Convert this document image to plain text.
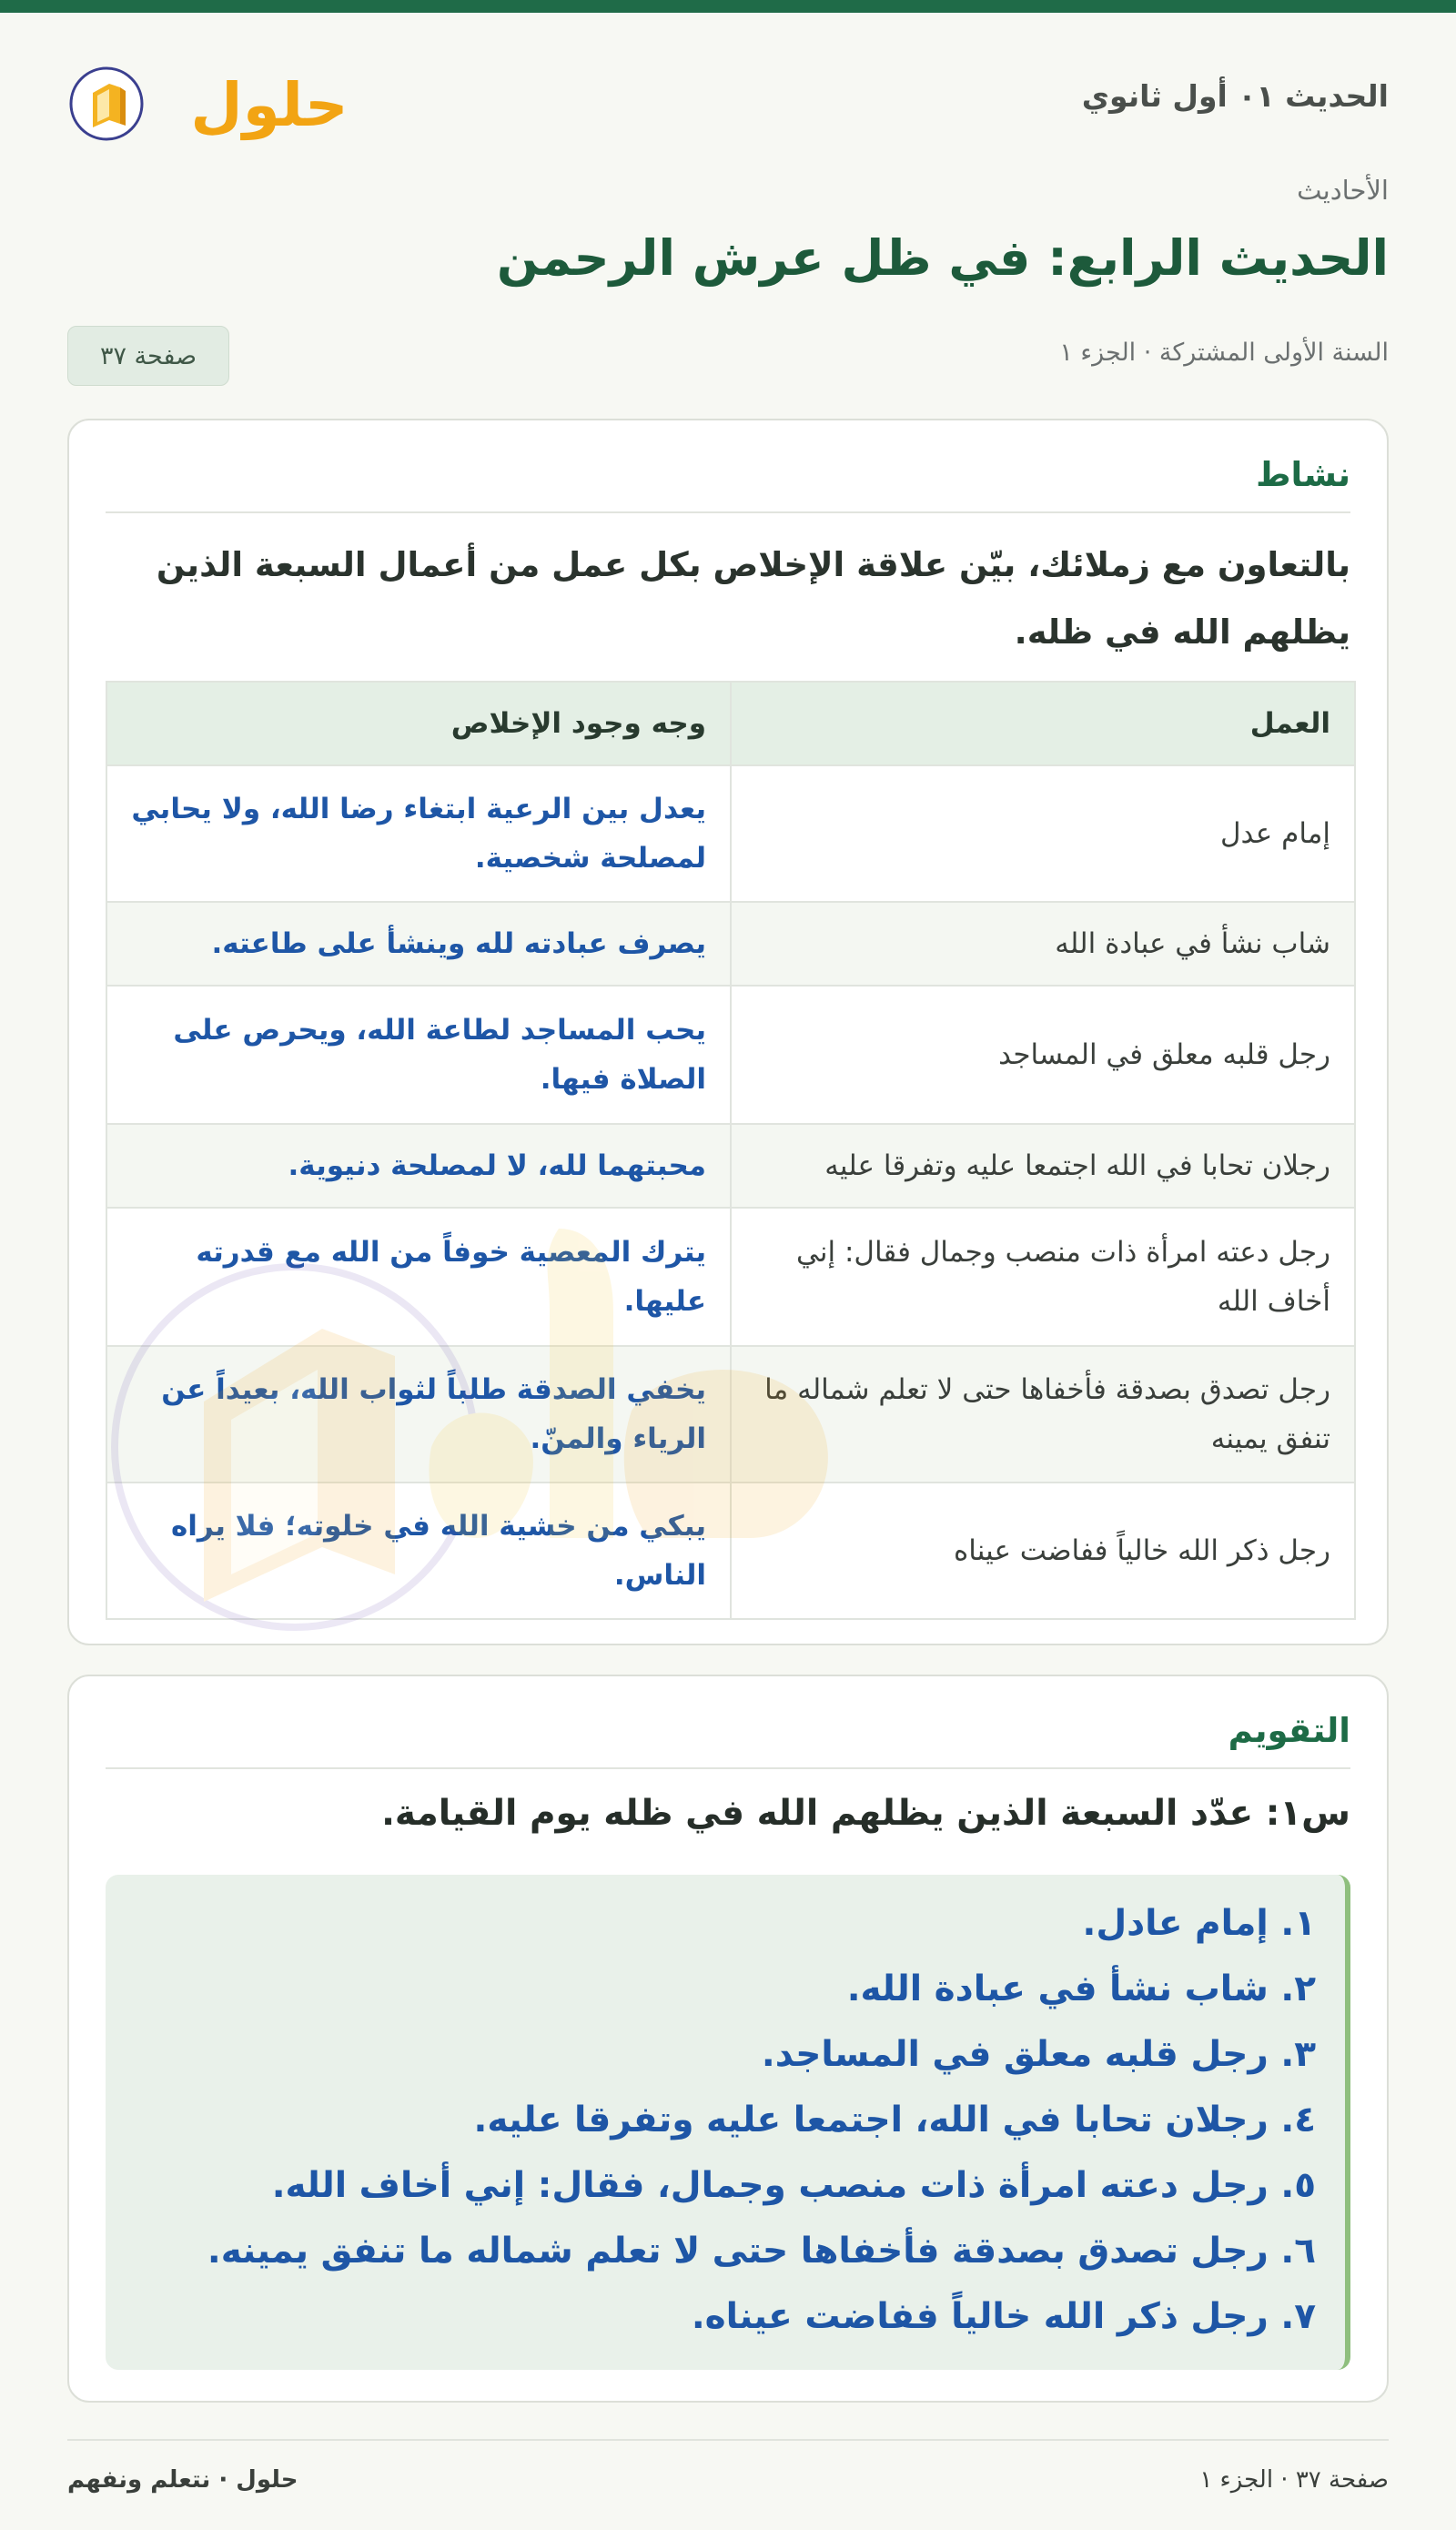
الحديث ٠١ أول ثانوي
حلول
الأحاديث
الحديث الرابع: في ظل عرش الرحمن
السنة الأولى المشتركة · الجزء ١
صفحة ٣٧
نشاط

بالتعاون مع زملائك، بيّن علاقة الإخلاص بكل عمل من أعمال السبعة الذين يظلهم الله في ظله.

العمل	وجه وجود الإخلاص
إمام عدل	يعدل بين الرعية ابتغاء رضا الله، ولا يحابي لمصلحة شخصية.
شاب نشأ في عبادة الله	يصرف عبادته لله وينشأ على طاعته.
رجل قلبه معلق في المساجد	يحب المساجد لطاعة الله، ويحرص على الصلاة فيها.
رجلان تحابا في الله اجتمعا عليه وتفرقا عليه	محبتهما لله، لا لمصلحة دنيوية.
رجل دعته امرأة ذات منصب وجمال فقال: إني أخاف الله	يترك المعصية خوفاً من الله مع قدرته عليها.
رجل تصدق بصدقة فأخفاها حتى لا تعلم شماله ما تنفق يمينه	يخفي الصدقة طلباً لثواب الله، بعيداً عن الرياء والمنّ.
رجل ذكر الله خالياً ففاضت عيناه	يبكي من خشية الله في خلوته؛ فلا يراه الناس.
التقويم

س١: عدّد السبعة الذين يظلهم الله في ظله يوم القيامة.

١. إمام عادل.
٢. شاب نشأ في عبادة الله.
٣. رجل قلبه معلق في المساجد.
٤. رجلان تحابا في الله، اجتمعا عليه وتفرقا عليه.
٥. رجل دعته امرأة ذات منصب وجمال، فقال: إني أخاف الله.
٦. رجل تصدق بصدقة فأخفاها حتى لا تعلم شماله ما تنفق يمينه.
٧. رجل ذكر الله خالياً ففاضت عيناه.
صفحة ٣٧ · الجزء ١
حلول · نتعلم ونفهم
